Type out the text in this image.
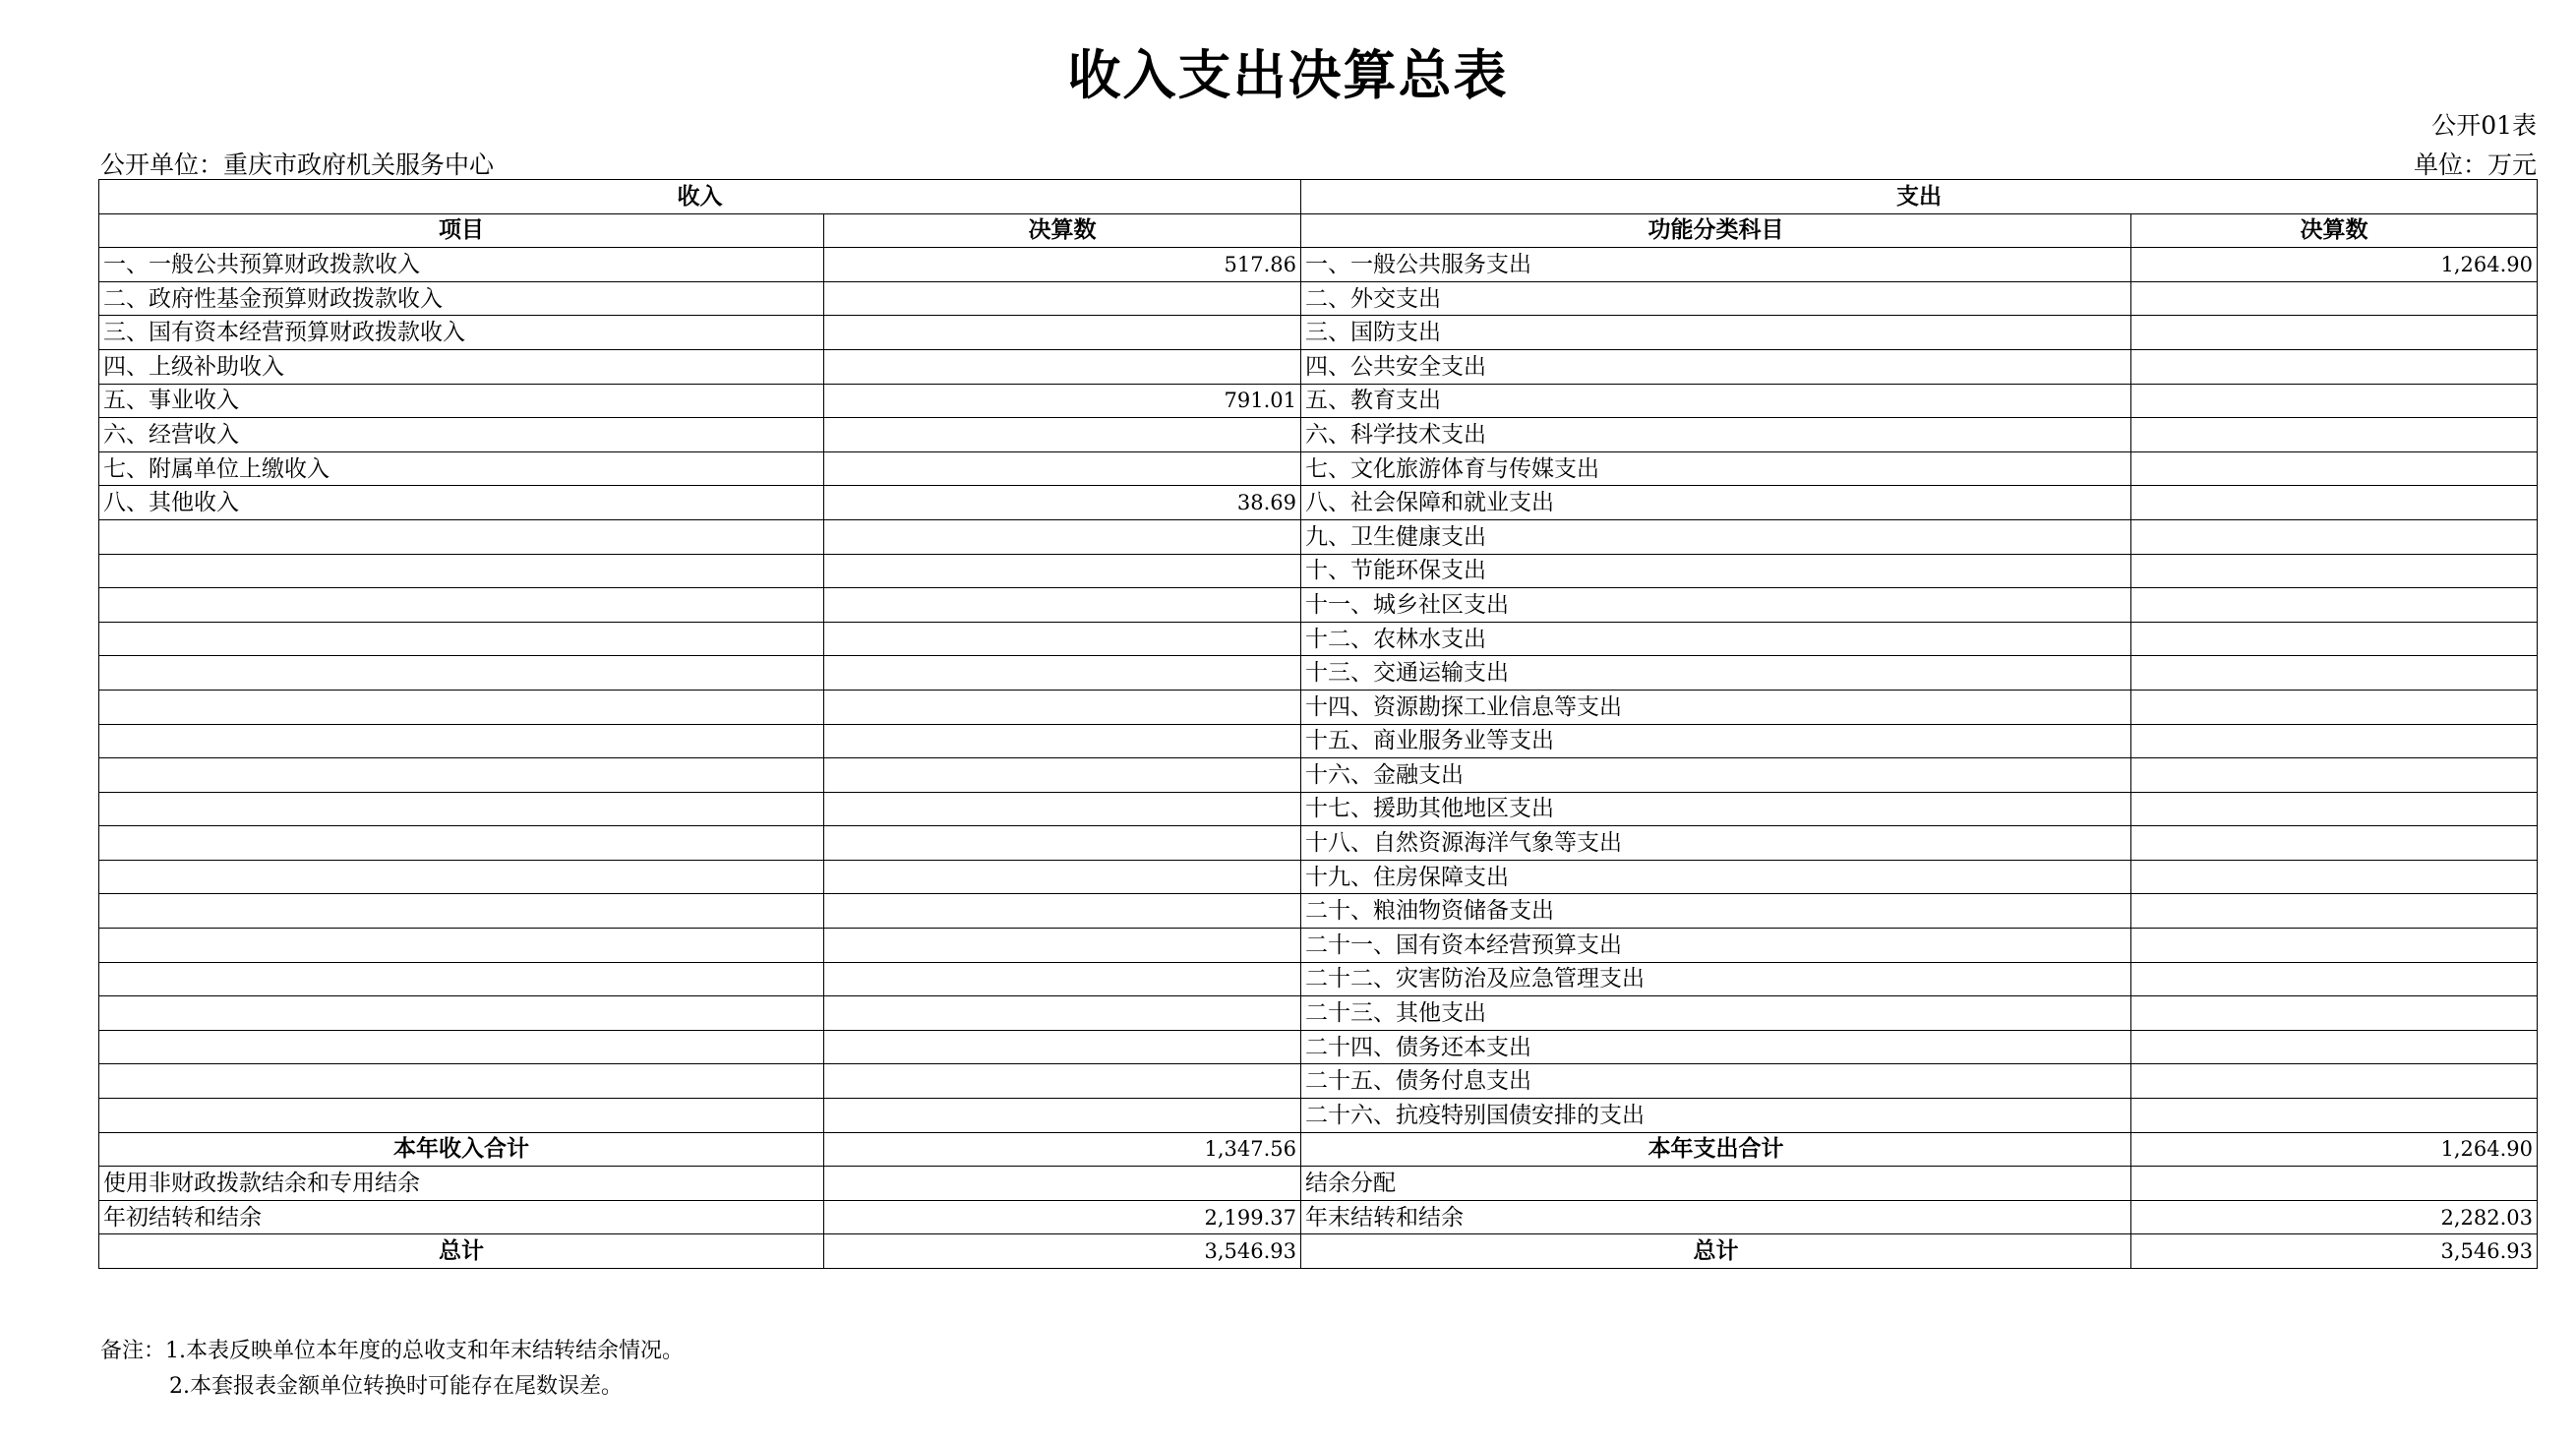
收入支出决算总表
公开01表
公开单位：重庆市政府机关服务中心	单位：万元
收入		支出	
项目	决算数	功能分类科目	决算数
一、一般公共预算财政拨款收入	517.86	一、一般公共服务支出	1,264.90
二、政府性基金预算财政拨款收入		二、外交支出	
三、国有资本经营预算财政拨款收入		三、国防支出	
四、上级补助收入		四、公共安全支出	
五、事业收入	791.01	五、教育支出	
六、经营收入		六、科学技术支出	
七、附属单位上缴收入		七、文化旅游体育与传媒支出	
八、其他收入	38.69	八、社会保障和就业支出	
		九、卫生健康支出	
		十、节能环保支出	
		十一、城乡社区支出	
		十二、农林水支出	
		十三、交通运输支出	
		十四、资源勘探工业信息等支出	
		十五、商业服务业等支出	
		十六、金融支出	
		十七、援助其他地区支出	
		十八、自然资源海洋气象等支出	
		十九、住房保障支出	
		二十、粮油物资储备支出	
		二十一、国有资本经营预算支出	
		二十二、灾害防治及应急管理支出	
		二十三、其他支出	
		二十四、债务还本支出	
		二十五、债务付息支出	
		二十六、抗疫特别国债安排的支出	
本年收入合计	1,347.56	本年支出合计	1,264.90
使用非财政拨款结余和专用结余		结余分配	
年初结转和结余	2,199.37	年末结转和结余	2,282.03
总计	3,546.93	总计	3,546.93
备注：1.本表反映单位本年度的总收支和年末结转结余情况。
2.本套报表金额单位转换时可能存在尾数误差。
